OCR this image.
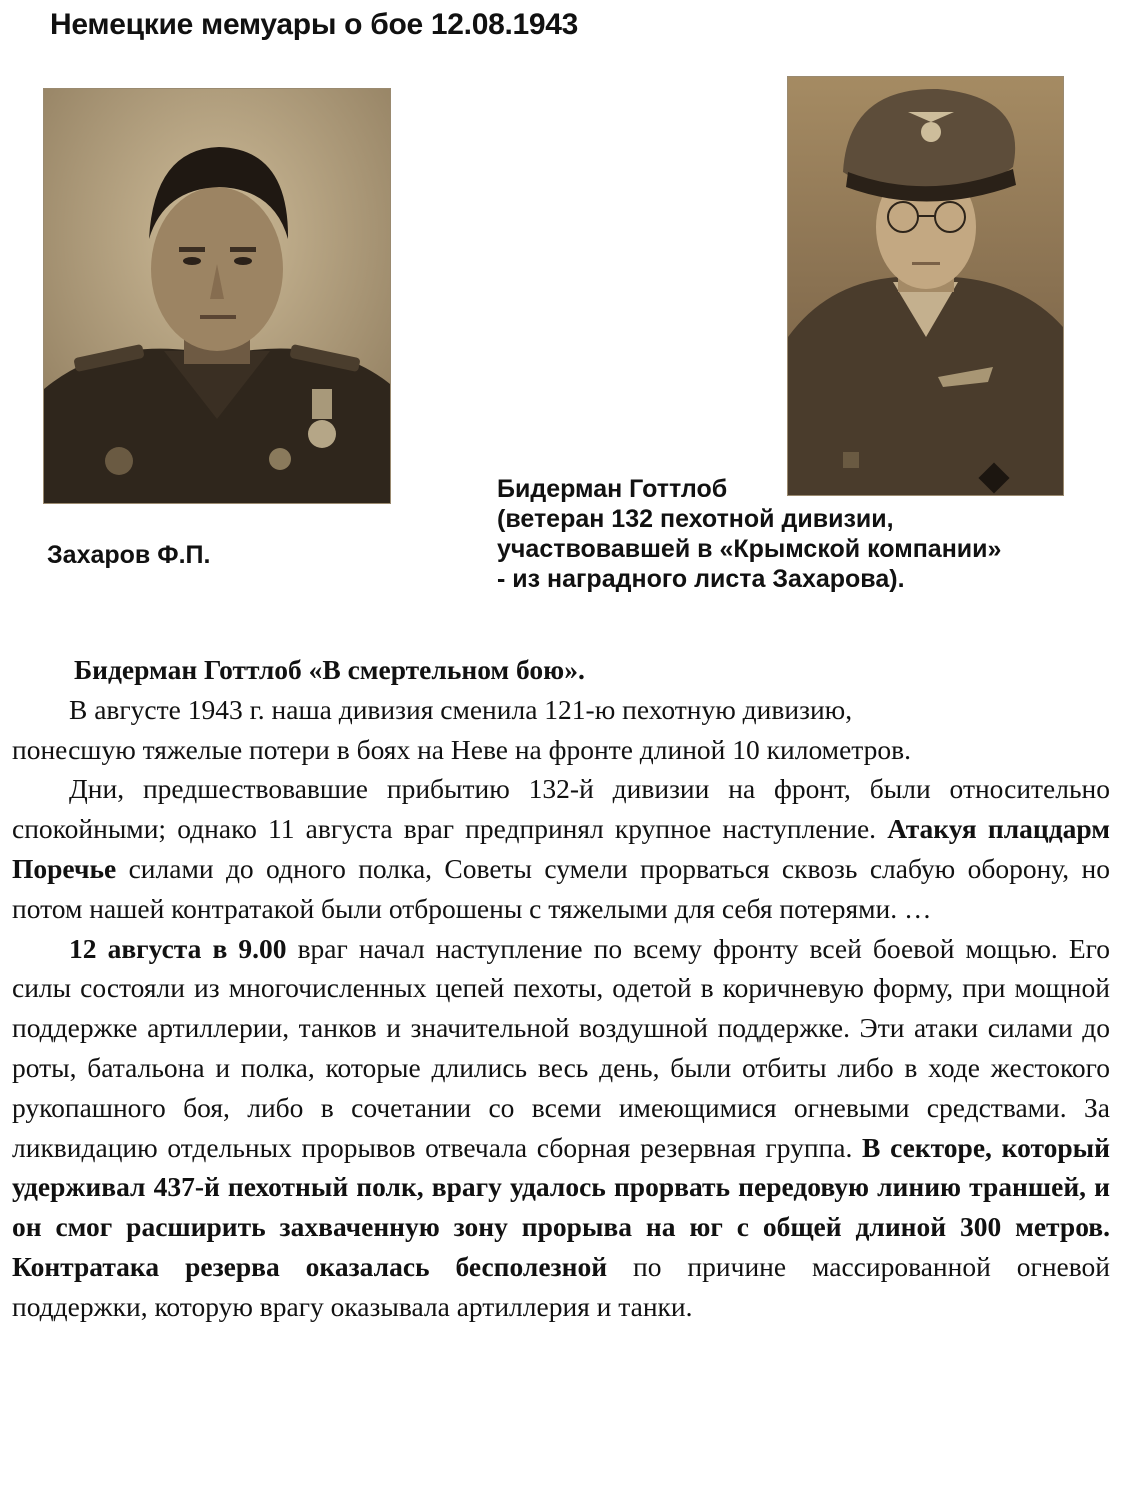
Немецкие мемуары о бое 12.08.1943
Захаров Ф.П.
Бидерман Готтлоб
(ветеран 132 пехотной дивизии,
участвовавшей в «Крымской компании»
- из наградного листа Захарова).
Бидерман Готтлоб «В смертельном бою».
В августе 1943 г. наша дивизия сменила 121-ю пехотную дивизию,
понесшую тяжелые потери в боях на Неве на фронте длиной 10 километров.

Дни, предшествовавшие прибытию 132-й дивизии на фронт, были относительно спокойными; однако 11 августа враг предпринял крупное наступление. Атакуя плацдарм Поречье силами до одного полка, Советы сумели прорваться сквозь слабую оборону, но потом нашей контратакой были отброшены с тяжелыми для себя потерями. …

12 августа в 9.00 враг начал наступление по всему фронту всей боевой мощью. Его силы состояли из многочисленных цепей пехоты, одетой в коричневую форму, при мощной поддержке артиллерии, танков и значительной воздушной поддержке. Эти атаки силами до роты, батальона и полка, которые длились весь день, были отбиты либо в ходе жестокого рукопашного боя, либо в сочетании со всеми имеющимися огневыми средствами. За ликвидацию отдельных прорывов отвечала сборная резервная группа. В секторе, который удерживал 437-й пехотный полк, врагу удалось прорвать передовую линию траншей, и он смог расширить захваченную зону прорыва на юг с общей длиной 300 метров. Контратака резерва оказалась бесполезной по причине массированной огневой поддержки, которую врагу оказывала артиллерия и танки.
